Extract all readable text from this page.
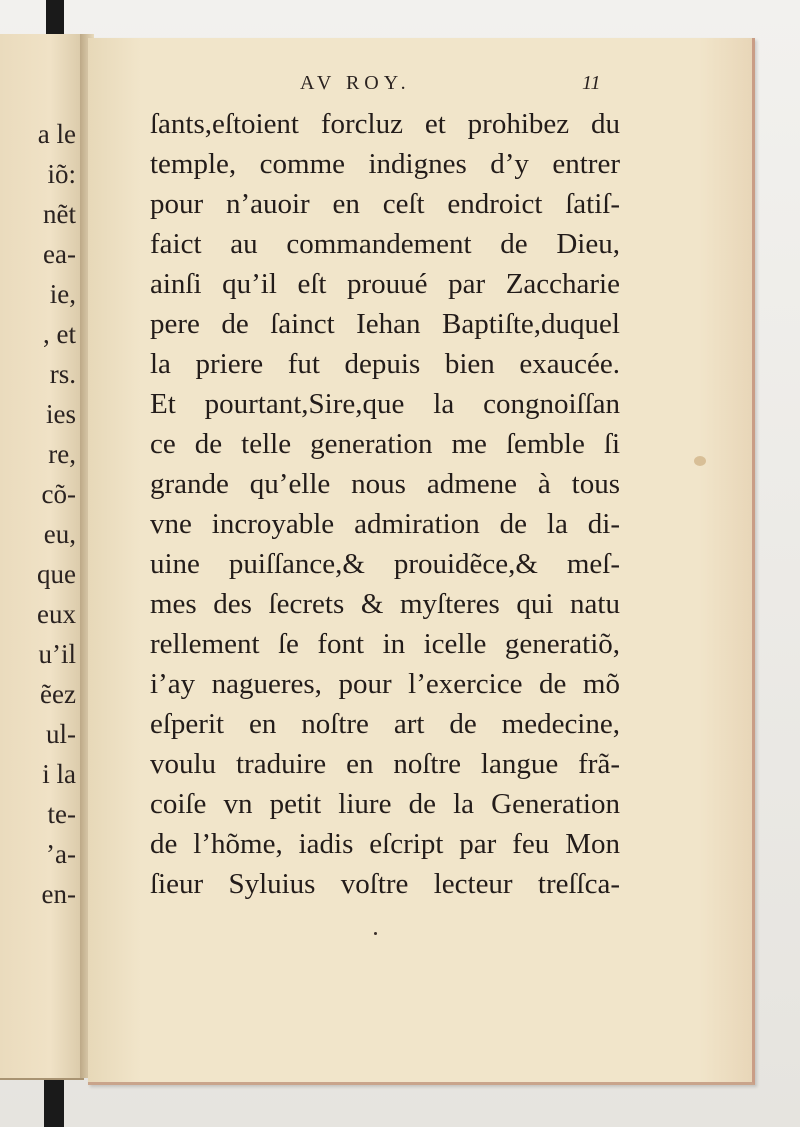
a le
iõ:
nẽt
ea-
ie,
, et
rs.
ies
re,
cõ-
eu,
que
eux
u’il
ẽez
ul-
i la
te-
’a-
en-
AV ROY.	11
ſants,eſtoient forcluz et prohibez du
temple, comme indignes d’y entrer
pour n’auoir en ceſt endroict ſatiſ-
faict au commandement de Dieu,
ainſi qu’il eſt prouué par Zaccharie
pere de ſainct Iehan Baptiſte,duquel
la priere fut depuis bien exaucée.
Et pourtant,Sire,que la congnoiſſan
ce de telle generation me ſemble ſi
grande qu’elle nous admene à tous
vne incroyable admiration de la di-
uine puiſſance,& prouidẽce,& meſ-
mes des ſecrets & myſteres qui natu
rellement ſe font in icelle generatiõ,
i’ay nagueres, pour l’exercice de mõ
eſperit en noſtre art de medecine,
voulu traduire en noſtre langue frã-
coiſe vn petit liure de la Generation
de l’hõme, iadis eſcript par feu Mon
ſieur Syluius voſtre lecteur treſſca-
